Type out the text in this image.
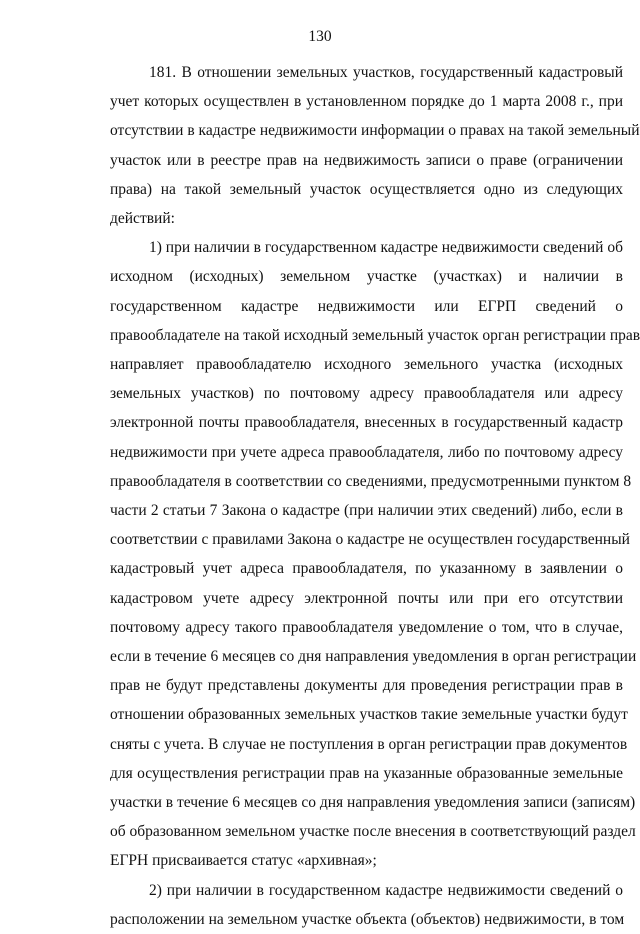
130
181. В отношении земельных участков, государственный кадастровый
учет которых осуществлен в установленном порядке до 1 марта 2008 г., при
отсутствии в кадастре недвижимости информации о правах на такой земельный
участок или в реестре прав на недвижимость записи о праве (ограничении
права) на такой земельный участок осуществляется одно из следующих
действий:
1) при наличии в государственном кадастре недвижимости сведений об
исходном (исходных) земельном участке (участках) и наличии в
государственном кадастре недвижимости или ЕГРП сведений о
правообладателе на такой исходный земельный участок орган регистрации прав
направляет правообладателю исходного земельного участка (исходных
земельных участков) по почтовому адресу правообладателя или адресу
электронной почты правообладателя, внесенных в государственный кадастр
недвижимости при учете адреса правообладателя, либо по почтовому адресу
правообладателя в соответствии со сведениями, предусмотренными пунктом 8
части 2 статьи 7 Закона о кадастре (при наличии этих сведений) либо, если в
соответствии с правилами Закона о кадастре не осуществлен государственный
кадастровый учет адреса правообладателя, по указанному в заявлении о
кадастровом учете адресу электронной почты или при его отсутствии
почтовому адресу такого правообладателя уведомление о том, что в случае,
если в течение 6 месяцев со дня направления уведомления в орган регистрации
прав не будут представлены документы для проведения регистрации прав в
отношении образованных земельных участков такие земельные участки будут
сняты с учета. В случае не поступления в орган регистрации прав документов
для осуществления регистрации прав на указанные образованные земельные
участки в течение 6 месяцев со дня направления уведомления записи (записям)
об образованном земельном участке после внесения в соответствующий раздел
ЕГРН присваивается статус «архивная»;
2) при наличии в государственном кадастре недвижимости сведений о
расположении на земельном участке объекта (объектов) недвижимости, в том
